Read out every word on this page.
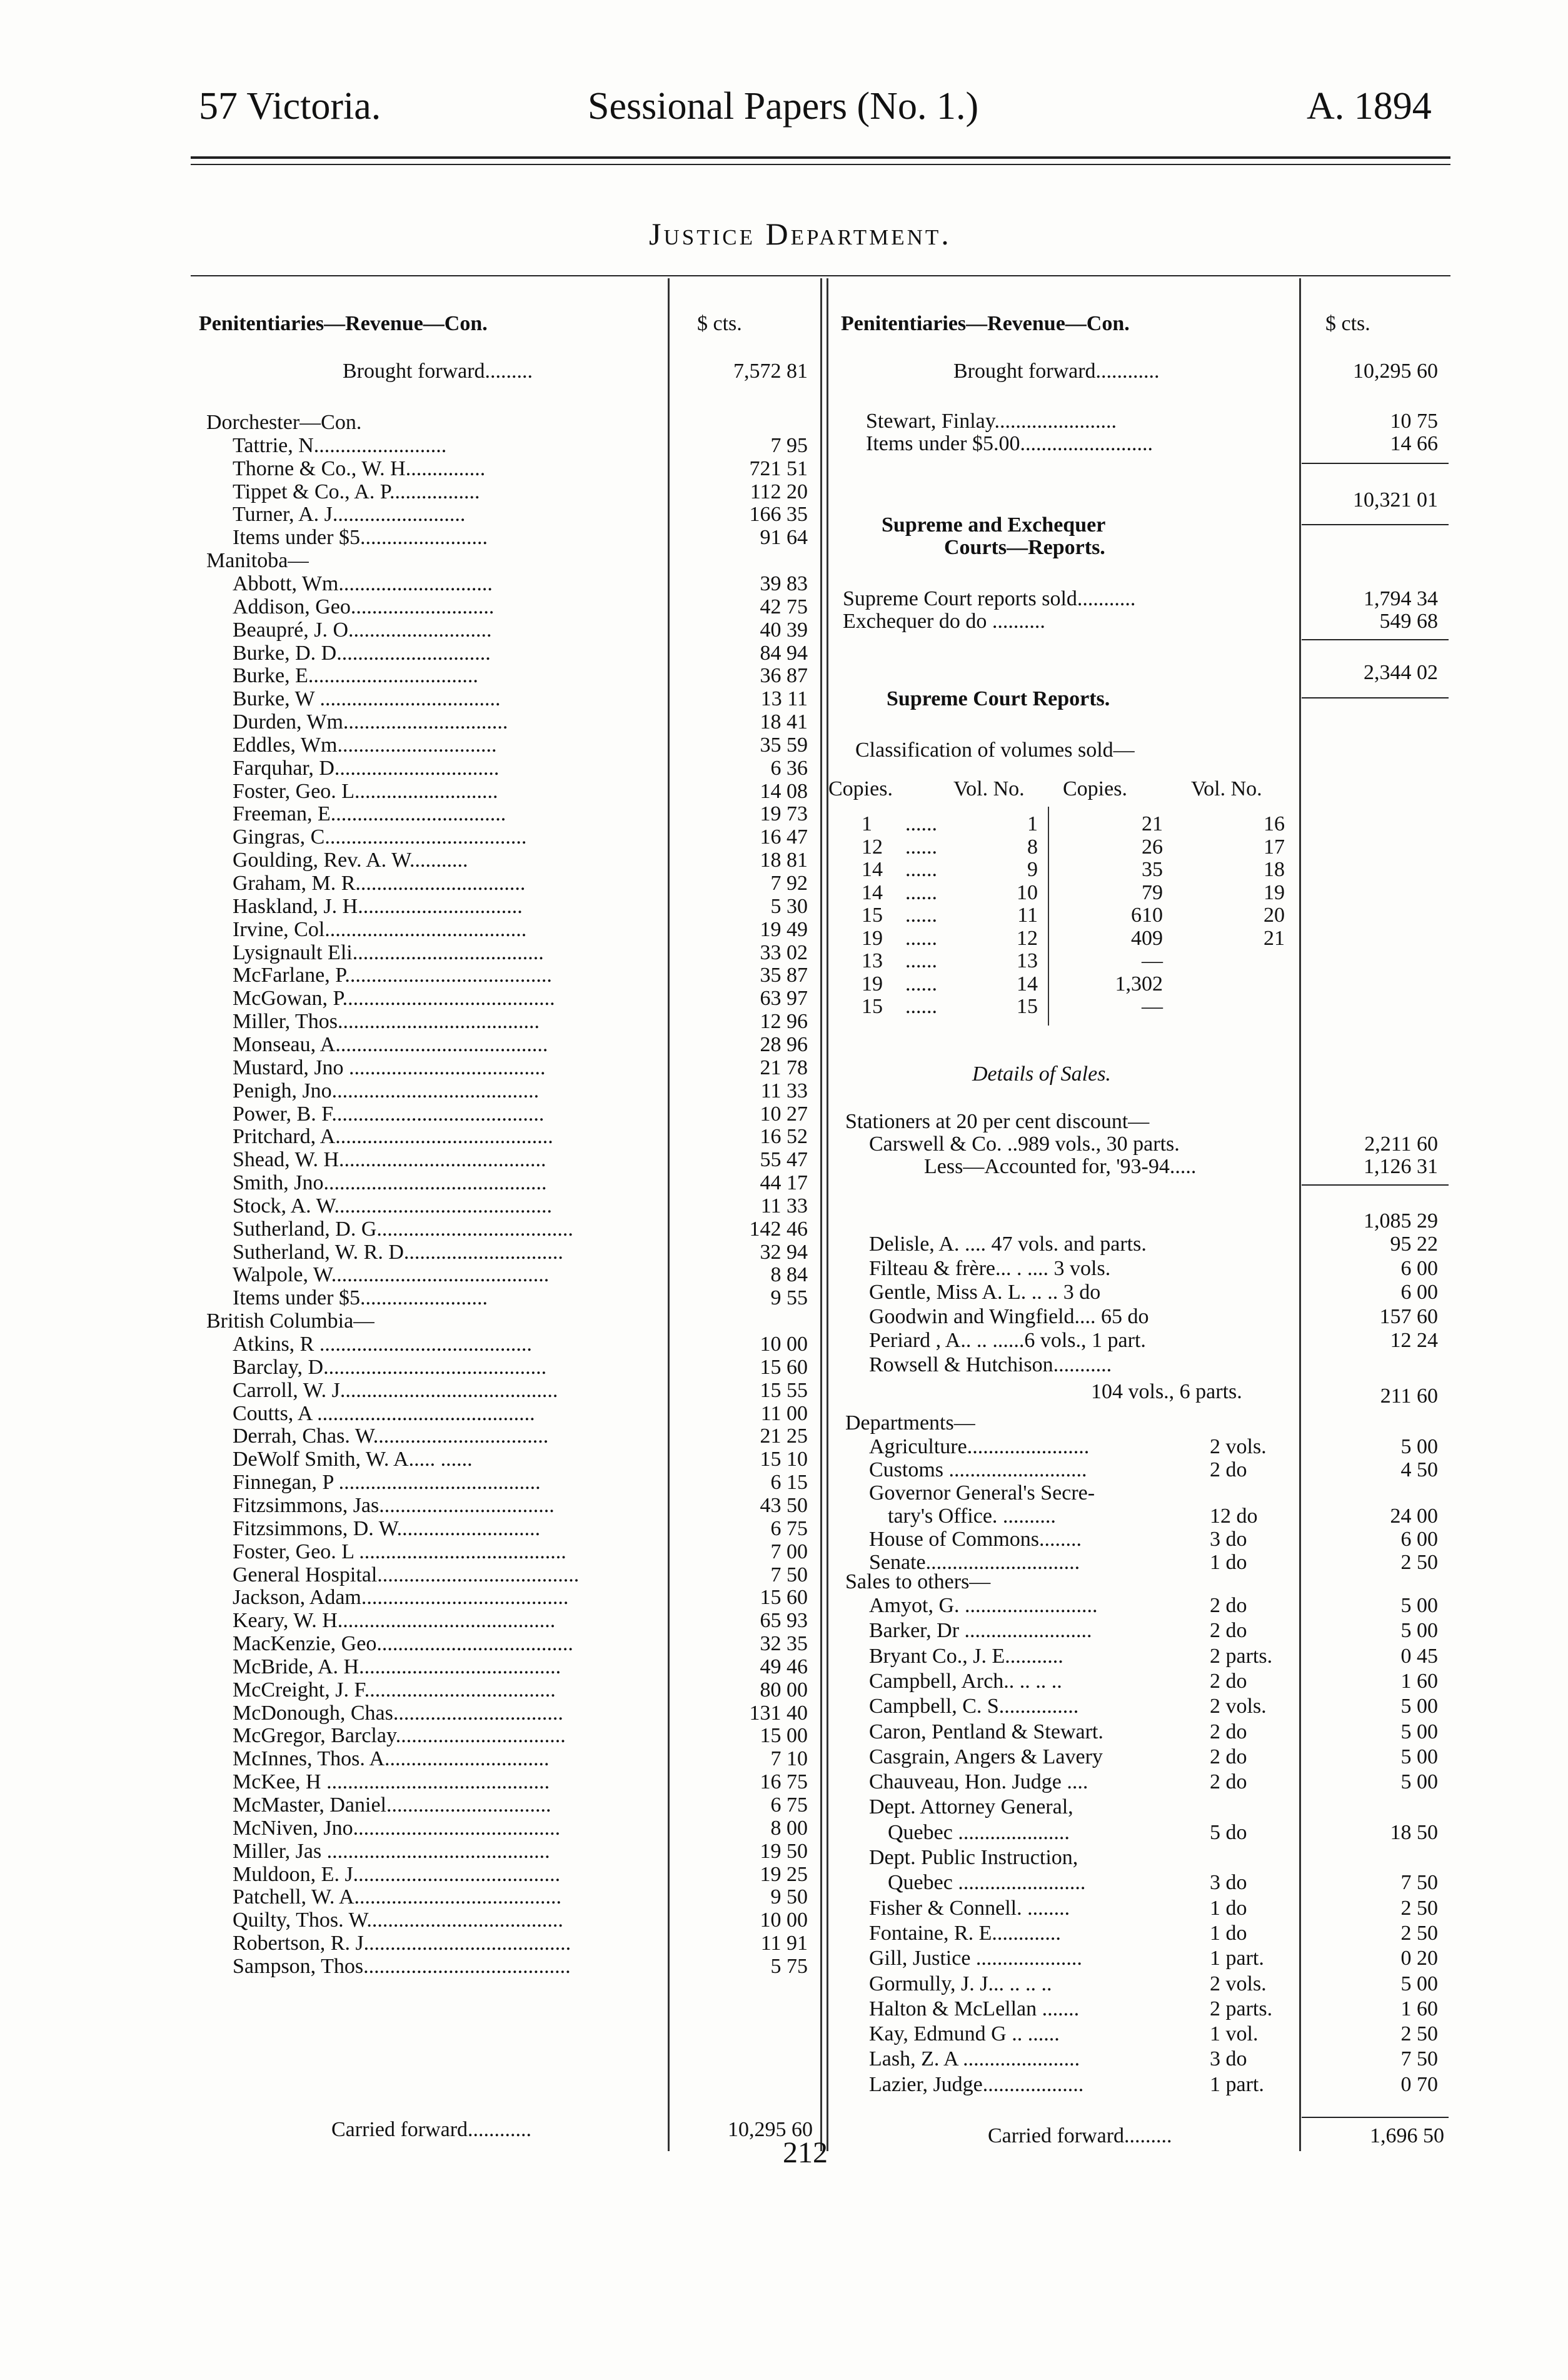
57 Victoria.	Sessional Papers (No. 1.)	A. 1894
Justice Department.
Penitentiaries—Revenue—Con.	$ cts.
Brought forward.........	7,572 81
Dorchester—Con.
Tattrie, N.........................	7 95
Thorne & Co., W. H...............	721 51
Tippet & Co., A. P.................	112 20
Turner, A. J.........................	166 35
Items under $5........................	91 64
Manitoba—
Abbott, Wm.............................	39 83
Addison, Geo...........................	42 75
Beaupré, J. O...........................	40 39
Burke, D. D.............................	84 94
Burke, E................................	36 87
Burke, W ..................................	13 11
Durden, Wm...............................	18 41
Eddles, Wm..............................	35 59
Farquhar, D...............................	6 36
Foster, Geo. L...........................	14 08
Freeman, E.................................	19 73
Gingras, C......................................	16 47
Goulding, Rev. A. W...........	18 81
Graham, M. R................................	7 92
Haskland, J. H...............................	5 30
Irvine, Col......................................	19 49
Lysignault Eli....................................	33 02
McFarlane, P.......................................	35 87
McGowan, P........................................	63 97
Miller, Thos......................................	12 96
Monseau, A........................................	28 96
Mustard, Jno .....................................	21 78
Penigh, Jno.......................................	11 33
Power, B. F........................................	10 27
Pritchard, A.........................................	16 52
Shead, W. H.......................................	55 47
Smith, Jno..........................................	44 17
Stock, A. W.........................................	11 33
Sutherland, D. G.....................................	142 46
Sutherland, W. R. D..............................	32 94
Walpole, W.........................................	8 84
Items under $5........................	9 55
British Columbia—
Atkins, R ........................................	10 00
Barclay, D..........................................	15 60
Carroll, W. J.........................................	15 55
Coutts, A .........................................	11 00
Derrah, Chas. W.................................	21 25
DeWolf Smith, W. A..... ......	15 10
Finnegan, P ......................................	6 15
Fitzsimmons, Jas.................................	43 50
Fitzsimmons, D. W...........................	6 75
Foster, Geo. L .......................................	7 00
General Hospital......................................	7 50
Jackson, Adam.......................................	15 60
Keary, W. H.........................................	65 93
MacKenzie, Geo.....................................	32 35
McBride, A. H......................................	49 46
McCreight, J. F....................................	80 00
McDonough, Chas................................	131 40
McGregor, Barclay................................	15 00
McInnes, Thos. A...............................	7 10
McKee, H ..........................................	16 75
McMaster, Daniel...............................	6 75
McNiven, Jno.......................................	8 00
Miller, Jas ..........................................	19 50
Muldoon, E. J.......................................	19 25
Patchell, W. A.......................................	9 50
Quilty, Thos. W.....................................	10 00
Robertson, R. J.......................................	11 91
Sampson, Thos.......................................	5 75
Carried forward............	10,295 60
212
Penitentiaries—Revenue—Con.	$ cts.
Brought forward............	10,295 60
Stewart, Finlay.......................	10 75
Items under $5.00.........................	14 66
10,321 01
Supreme and Exchequer
Courts—Reports.
Supreme Court reports sold...........	1,794 34
Exchequer do do ..........	549 68
2,344 02
Supreme Court Reports.
Classification of volumes sold—
Copies.	Vol. No. Copies.	Vol. No.
1	1	21	16
......
12	8	26	17
......
14	9	35	18
......
14	10	79	19
......
15	11	610	20
......
19	12	409	21
......
13	13	—
......
19	14	1,302
......
15	15	—
......
Details of Sales.
Stationers at 20 per cent discount—
Carswell & Co. ..989 vols., 30 parts.	2,211 60
Less—Accounted for, '93-94.....	1,126 31
1,085 29
Delisle, A. .... 47 vols. and parts.	95 22
Filteau & frère... . .... 3 vols.	6 00
Gentle, Miss A. L. .. .. 3 do	6 00
Goodwin and Wingfield.... 65 do	157 60
Periard , A.. .. ......6 vols., 1 part.	12 24
Rowsell & Hutchison...........
104 vols., 6 parts.	211 60
Departments—
Agriculture.......................	2 vols.	5 00
Customs ..........................	2 do	4 50
Governor General's Secre-
tary's Office. ..........	12 do	24 00
House of Commons........	3 do	6 00
Senate.............................	1 do	2 50
Sales to others—
Amyot, G. .........................	2 do	5 00
Barker, Dr ........................	2 do	5 00
Bryant Co., J. E...........	2 parts.	0 45
Campbell, Arch.. .. .. ..	2 do	1 60
Campbell, C. S...............	2 vols.	5 00
Caron, Pentland & Stewart.	2 do	5 00
Casgrain, Angers & Lavery	2 do	5 00
Chauveau, Hon. Judge ....	2 do	5 00
Dept. Attorney General,
Quebec .....................	5 do	18 50
Dept. Public Instruction,
Quebec ........................	3 do	7 50
Fisher & Connell. ........	1 do	2 50
Fontaine, R. E.............	1 do	2 50
Gill, Justice ....................	1 part.	0 20
Gormully, J. J... .. .. ..	2 vols.	5 00
Halton & McLellan .......	2 parts.	1 60
Kay, Edmund G .. ......	1 vol.	2 50
Lash, Z. A ......................	3 do	7 50
Lazier, Judge...................	1 part.	0 70
Carried forward.........	1,696 50
